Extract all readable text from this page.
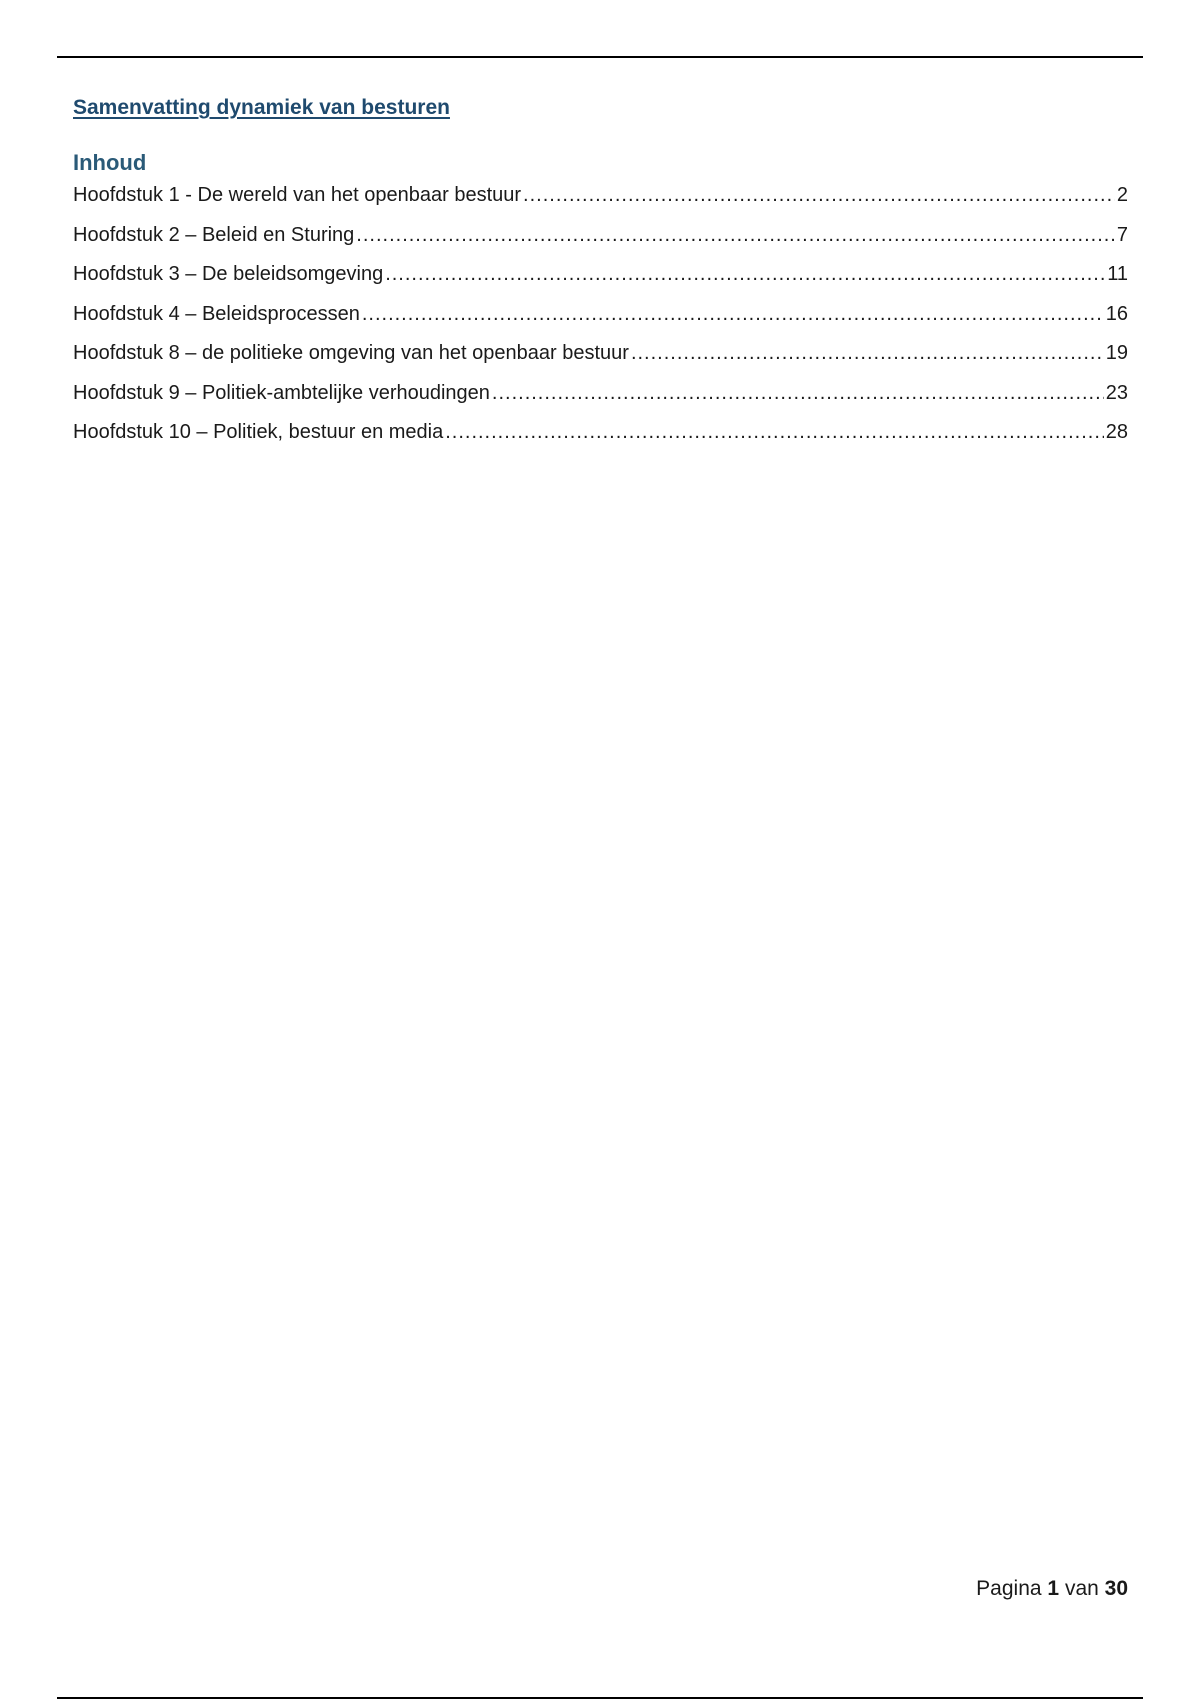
Samenvatting dynamiek van besturen
Inhoud
Hoofdstuk 1 - De wereld van het openbaar bestuur .....	2
Hoofdstuk 2 – Beleid en Sturing .....	7
Hoofdstuk 3 – De beleidsomgeving .....	11
Hoofdstuk 4 – Beleidsprocessen .....	16
Hoofdstuk 8 – de politieke omgeving van het openbaar bestuur .....	19
Hoofdstuk 9 – Politiek-ambtelijke verhoudingen .....	23
Hoofdstuk 10 – Politiek, bestuur en media .....	28
Pagina 1 van 30
